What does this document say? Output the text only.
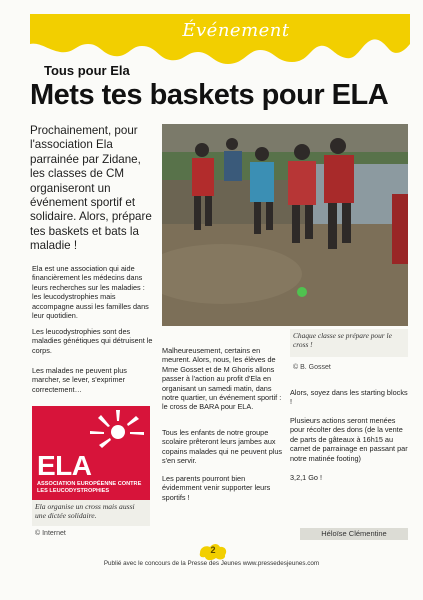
Événement
Tous pour Ela
Mets tes baskets pour ELA
Prochainement, pour l'association Ela parrainée par Zidane, les classes de CM organiseront un événement sportif et solidaire. Alors, prépare tes baskets et bats la maladie !
Ela est une association qui aide financièrement les médecins dans leurs recherches sur les maladies : les leucodystrophies mais accompagne aussi les familles dans leur quotidien.
Les leucodystrophies sont des maladies génétiques qui détruisent le corps.
Les malades ne peuvent plus marcher, se lever, s'exprimer correctement…
Chaque classe se prépare pour le cross !
© B. Gosset
Malheureusement, certains en meurent. Alors, nous, les élèves de Mme Gosset et de M Ghoris allons passer à l'action au profit d'Ela en organisant un samedi matin, dans notre quartier, un événement sportif : le cross de BARA pour ELA.
Tous les enfants de notre groupe scolaire prêteront leurs jambes aux copains malades qui ne peuvent plus s'en servir.
Les parents pourront bien évidemment venir supporter leurs sportifs !
Alors, soyez dans les starting blocks !
Plusieurs actions seront menées pour récolter des dons (de la vente de parts de gâteaux à 16h15 au carnet de parrainage en passant par notre matinée footing)
3,2,1 Go !
ELA
ASSOCIATION EUROPÉENNE CONTRE LES LEUCODYSTROPHIES
Ela organise un cross mais aussi une dictée solidaire.
© Internet	Héloïse Clémentine
2
Publié avec le concours de la Presse des Jeunes www.pressedesjeunes.com
